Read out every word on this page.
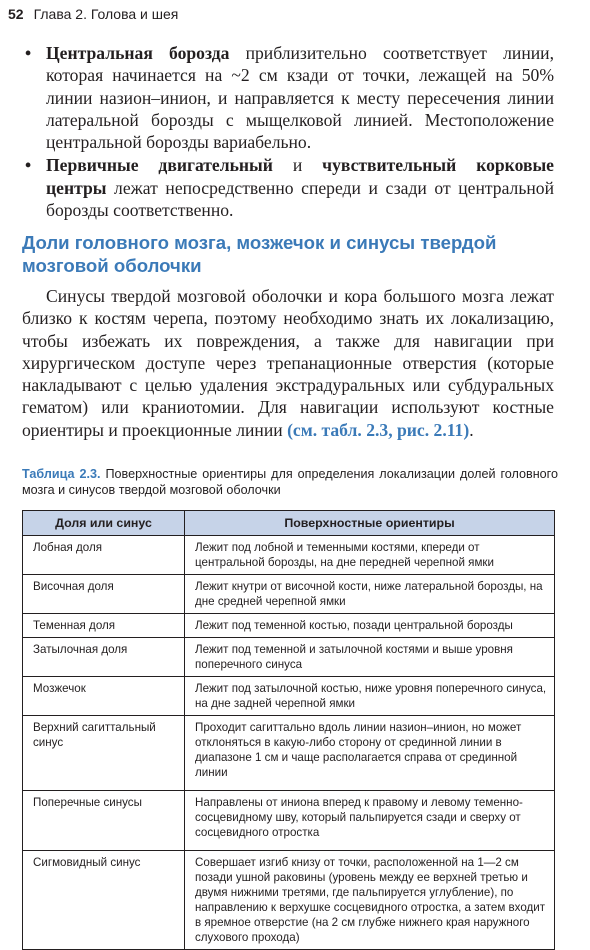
52 Глава 2. Голова и шея
• Центральная борозда приблизительно соответствует линии, которая начинается на ~2 см кзади от точки, лежащей на 50% линии назион–инион, и направляется к месту пересечения линии латеральной борозды с мыщелковой линией. Местоположение центральной борозды вариабельно.
• Первичные двигательный и чувствительный корковые центры лежат непосредственно спереди и сзади от центральной борозды соответственно.
Доли головного мозга, мозжечок и синусы твердой мозговой оболочки
Синусы твердой мозговой оболочки и кора большого мозга лежат близко к костям черепа, поэтому необходимо знать их локализацию, чтобы избежать их повреждения, а также для навигации при хирургическом доступе через трепанационные отверстия (которые накладывают с целью удаления экстрадуральных или субдуральных гематом) или краниотомии. Для навигации используют костные ориентиры и проекционные линии (см. табл. 2.3, рис. 2.11).
Таблица 2.3. Поверхностные ориентиры для определения локализации долей головного мозга и синусов твердой мозговой оболочки
Доля или синус	Поверхностные ориентиры
Лобная доля	Лежит под лобной и теменными костями, кпереди от центральной борозды, на дне передней черепной ямки
Височная доля	Лежит кнутри от височной кости, ниже латеральной борозды, на дне средней черепной ямки
Теменная доля	Лежит под теменной костью, позади центральной борозды
Затылочная доля	Лежит под теменной и затылочной костями и выше уровня поперечного синуса
Мозжечок	Лежит под затылочной костью, ниже уровня поперечного синуса, на дне задней черепной ямки
Верхний сагиттальный синус	Проходит сагиттально вдоль линии назион–инион, но может отклоняться в какую-либо сторону от срединной линии в диапазоне 1 см и чаще располагается справа от срединной линии
Поперечные синусы	Направлены от иниона вперед к правому и левому теменно-сосцевидному шву, который пальпируется сзади и сверху от сосцевидного отростка
Сигмовидный синус	Совершает изгиб книзу от точки, расположенной на 1—2 см позади ушной раковины (уровень между ее верхней третью и двумя нижними третями, где пальпируется углубление), по направлению к верхушке сосцевидного отростка, а затем входит в яремное отверстие (на 2 см глубже нижнего края наружного слухового прохода)
